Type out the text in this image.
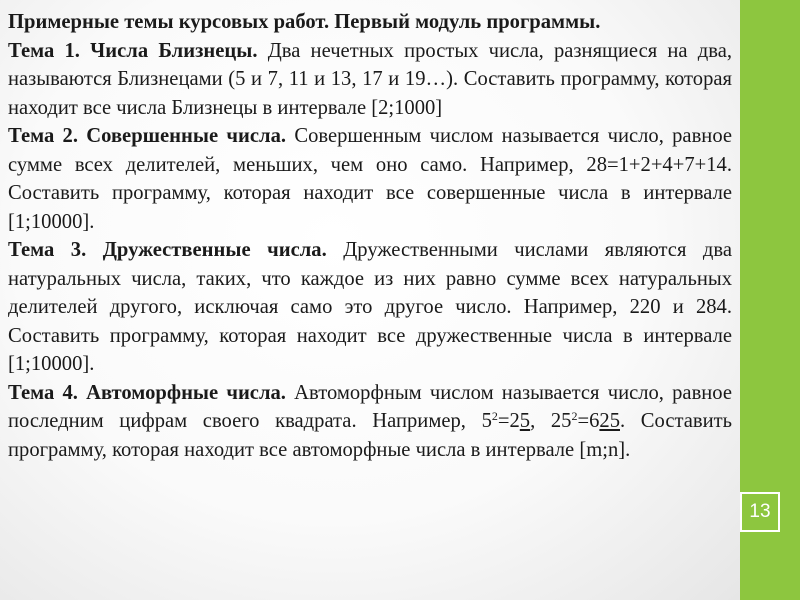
Примерные темы курсовых работ. Первый модуль программы.

Тема 1. Числа Близнецы. Два нечетных простых числа, разнящиеся на два, называются Близнецами (5 и 7, 11 и 13, 17 и 19…). Составить программу, которая находит все числа Близнецы в интервале [2;1000]

Тема 2. Совершенные числа. Совершенным числом называется число, равное сумме всех делителей, меньших, чем оно само. Например, 28=1+2+4+7+14. Составить программу, которая находит все совершенные числа в интервале [1;10000].

Тема 3. Дружественные числа. Дружественными числами являются два натуральных числа, таких, что каждое из них равно сумме всех натуральных делителей другого, исключая само это другое число. Например, 220 и 284. Составить программу, которая находит все дружественные числа в интервале [1;10000].

Тема 4. Автоморфные числа. Автоморфным числом называется число, равное последним цифрам своего квадрата. Например, $5^2=25$, $25^2=625$. Составить программу, которая находит все автоморфные числа в интервале [m;n].

13
